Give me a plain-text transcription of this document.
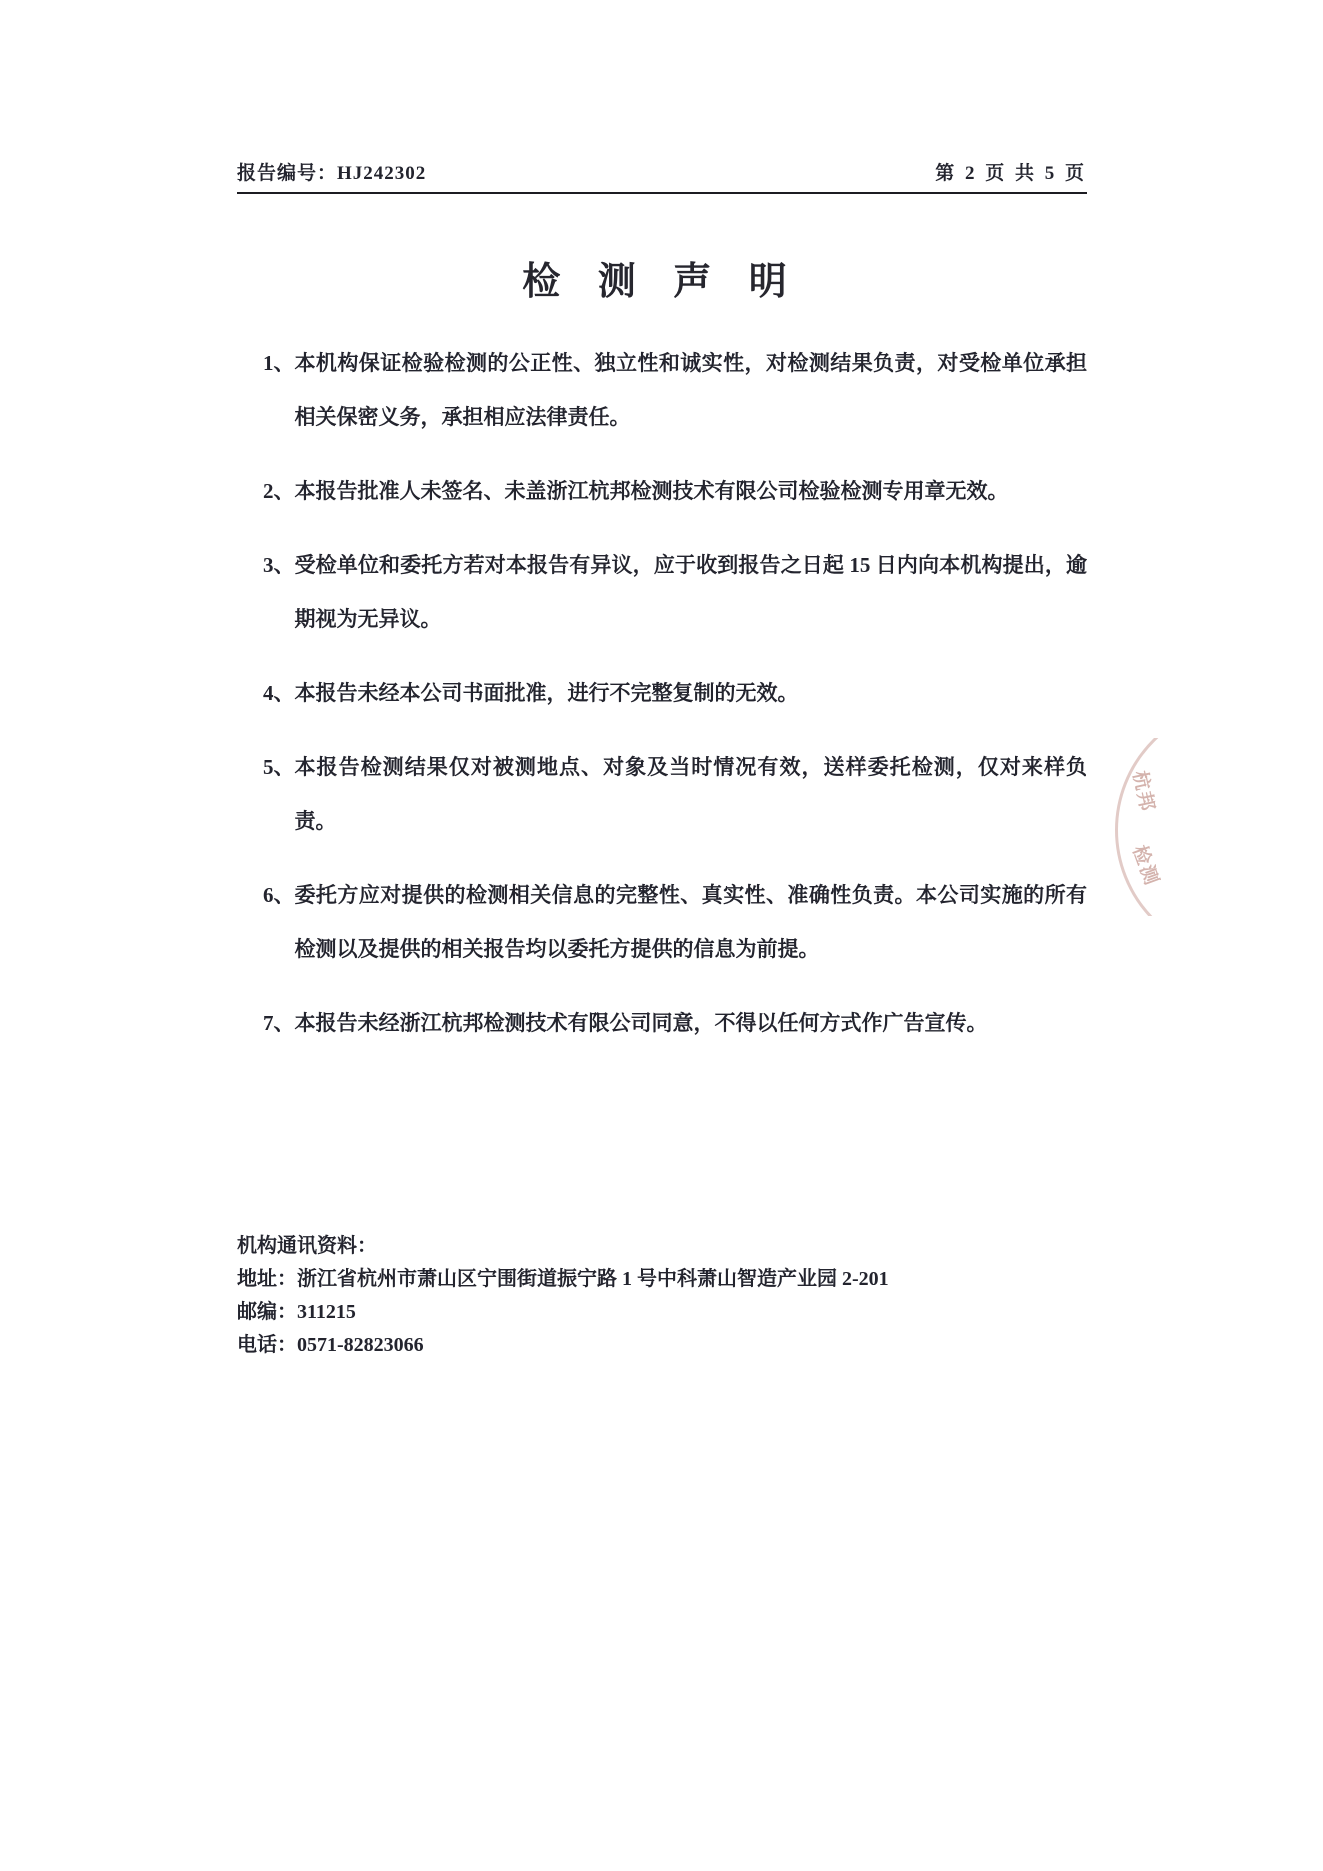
报告编号：HJ242302	第 2 页 共 5 页
检 测 声 明
1、 本机构保证检验检测的公正性、独立性和诚实性，对检测结果负责，对受检单位承担相关保密义务，承担相应法律责任。
2、 本报告批准人未签名、未盖浙江杭邦检测技术有限公司检验检测专用章无效。
3、 受检单位和委托方若对本报告有异议，应于收到报告之日起 15 日内向本机构提出，逾期视为无异议。
4、 本报告未经本公司书面批准，进行不完整复制的无效。
5、 本报告检测结果仅对被测地点、对象及当时情况有效，送样委托检测，仅对来样负责。
6、 委托方应对提供的检测相关信息的完整性、真实性、准确性负责。本公司实施的所有检测以及提供的相关报告均以委托方提供的信息为前提。
7、 本报告未经浙江杭邦检测技术有限公司同意，不得以任何方式作广告宣传。
机构通讯资料：
地址：浙江省杭州市萧山区宁围街道振宁路 1 号中科萧山智造产业园 2-201
邮编：311215
电话：0571-82823066
杭邦
检测
